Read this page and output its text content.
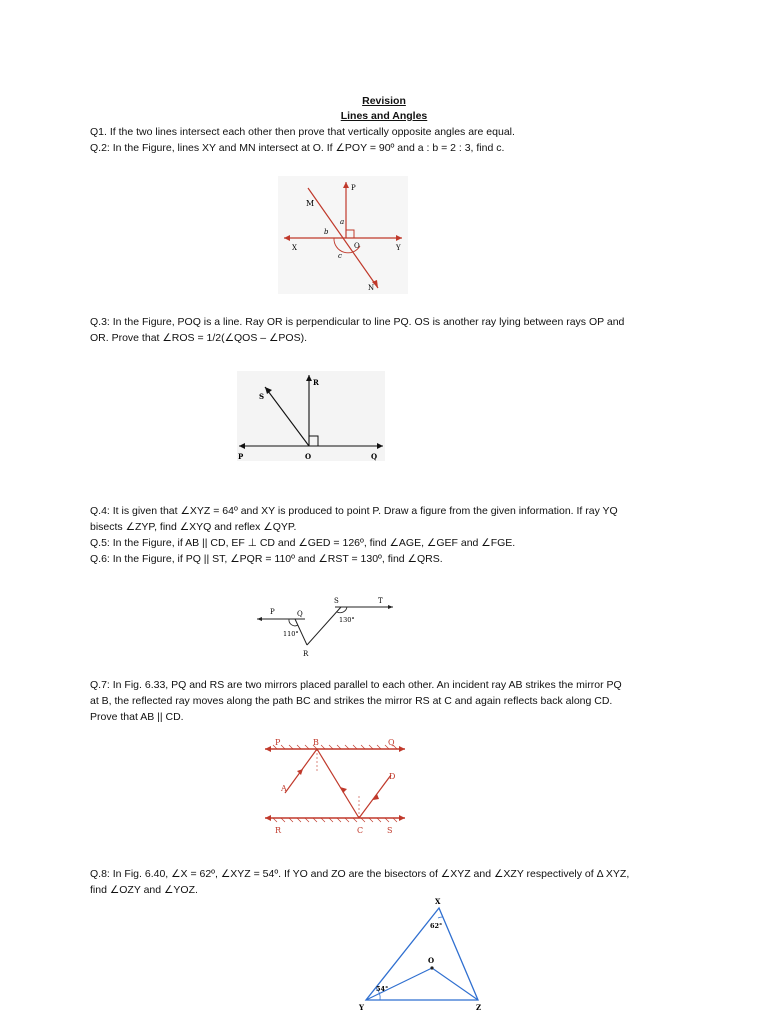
Revision
Lines and Angles
Q1. If the two lines intersect each other then prove that vertically opposite angles are equal.
Q.2: In the Figure, lines XY and MN intersect at O. If ∠POY = 90º and a : b = 2 : 3, find c.
M
P
X	Y
N
O
a
b
c
Q.3: In the Figure, POQ is a line. Ray OR is perpendicular to line PQ. OS is another ray lying between rays OP and
OR. Prove that ∠ROS = 1/2(∠QOS – ∠POS).
S
R
P	O	Q
Q.4: It is given that ∠XYZ = 64º and XY is produced to point P. Draw a figure from the given information. If ray YQ
bisects ∠ZYP, find ∠XYQ and reflex ∠QYP.
Q.5: In the Figure, if AB || CD, EF ⊥ CD and ∠GED = 126º, find ∠AGE, ∠GEF and ∠FGE.
Q.6: In the Figure, if PQ || ST, ∠PQR = 110º and ∠RST = 130º, find ∠QRS.
P	Q
S	T
R
110°
130°
Q.7: In Fig. 6.33, PQ and RS are two mirrors placed parallel to each other. An incident ray AB strikes the mirror PQ
at B, the reflected ray moves along the path BC and strikes the mirror RS at C and again reflects back along CD.
Prove that AB || CD.
P	B	Q
A
D
R	C	S
Q.8: In Fig. 6.40, ∠X = 62º, ∠XYZ = 54º. If YO and ZO are the bisectors of ∠XYZ and ∠XZY respectively of Δ XYZ,
find ∠OZY and ∠YOZ.
X
Y	Z
O
62°
54°
